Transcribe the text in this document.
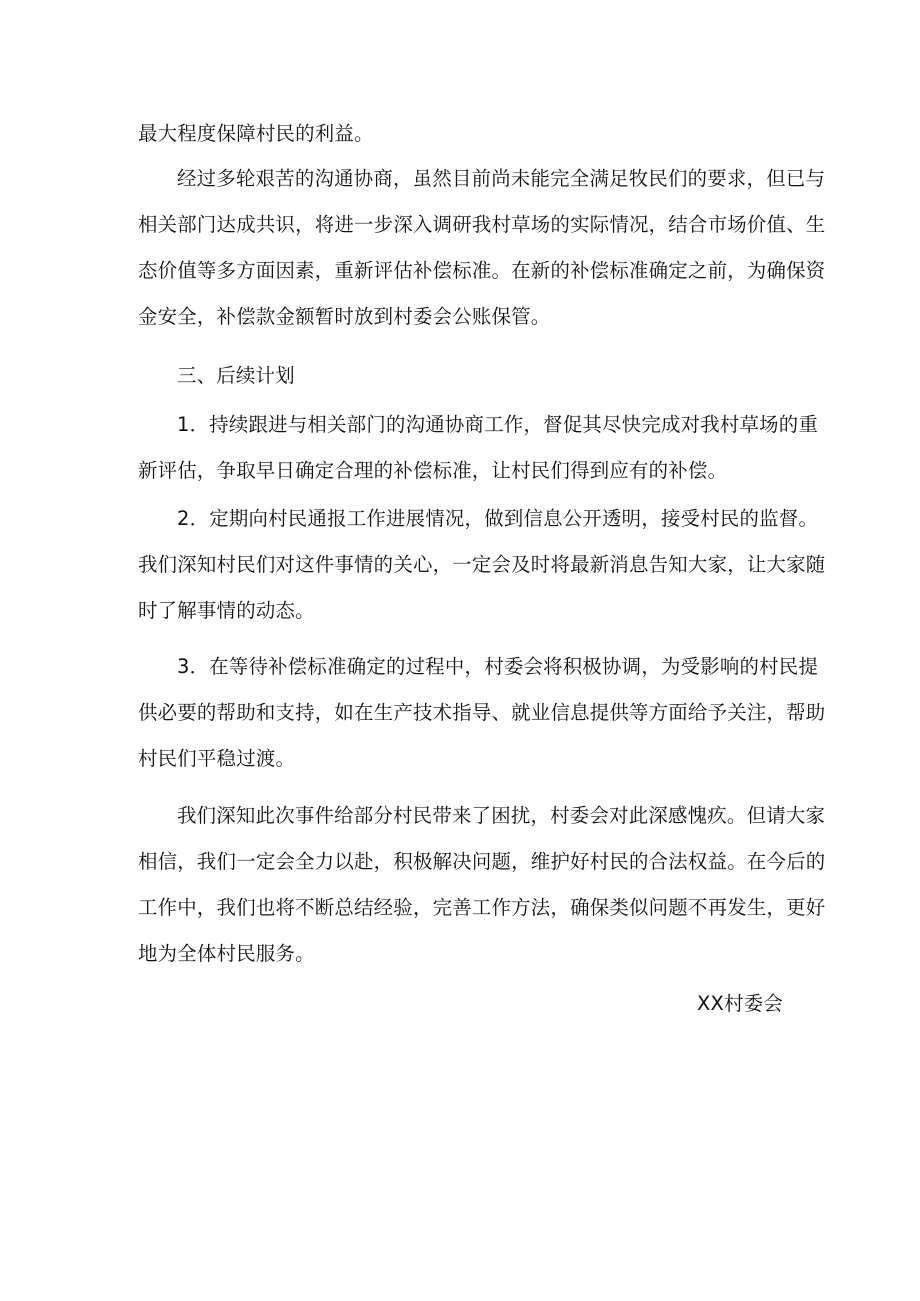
最大程度保障村民的利益。
经过多轮艰苦的沟通协商，虽然目前尚未能完全满足牧民们的要求，但已与
相关部门达成共识，将进一步深入调研我村草场的实际情况，结合市场价值、生
态价值等多方面因素，重新评估补偿标准。在新的补偿标准确定之前，为确保资
金安全，补偿款金额暂时放到村委会公账保管。
三、后续计划
1．持续跟进与相关部门的沟通协商工作，督促其尽快完成对我村草场的重
新评估，争取早日确定合理的补偿标准，让村民们得到应有的补偿。
2．定期向村民通报工作进展情况，做到信息公开透明，接受村民的监督。
我们深知村民们对这件事情的关心，一定会及时将最新消息告知大家，让大家随
时了解事情的动态。
3．在等待补偿标准确定的过程中，村委会将积极协调，为受影响的村民提
供必要的帮助和支持，如在生产技术指导、就业信息提供等方面给予关注，帮助
村民们平稳过渡。
我们深知此次事件给部分村民带来了困扰，村委会对此深感愧疚。但请大家
相信，我们一定会全力以赴，积极解决问题，维护好村民的合法权益。在今后的
工作中，我们也将不断总结经验，完善工作方法，确保类似问题不再发生，更好
地为全体村民服务。
XX村委会
